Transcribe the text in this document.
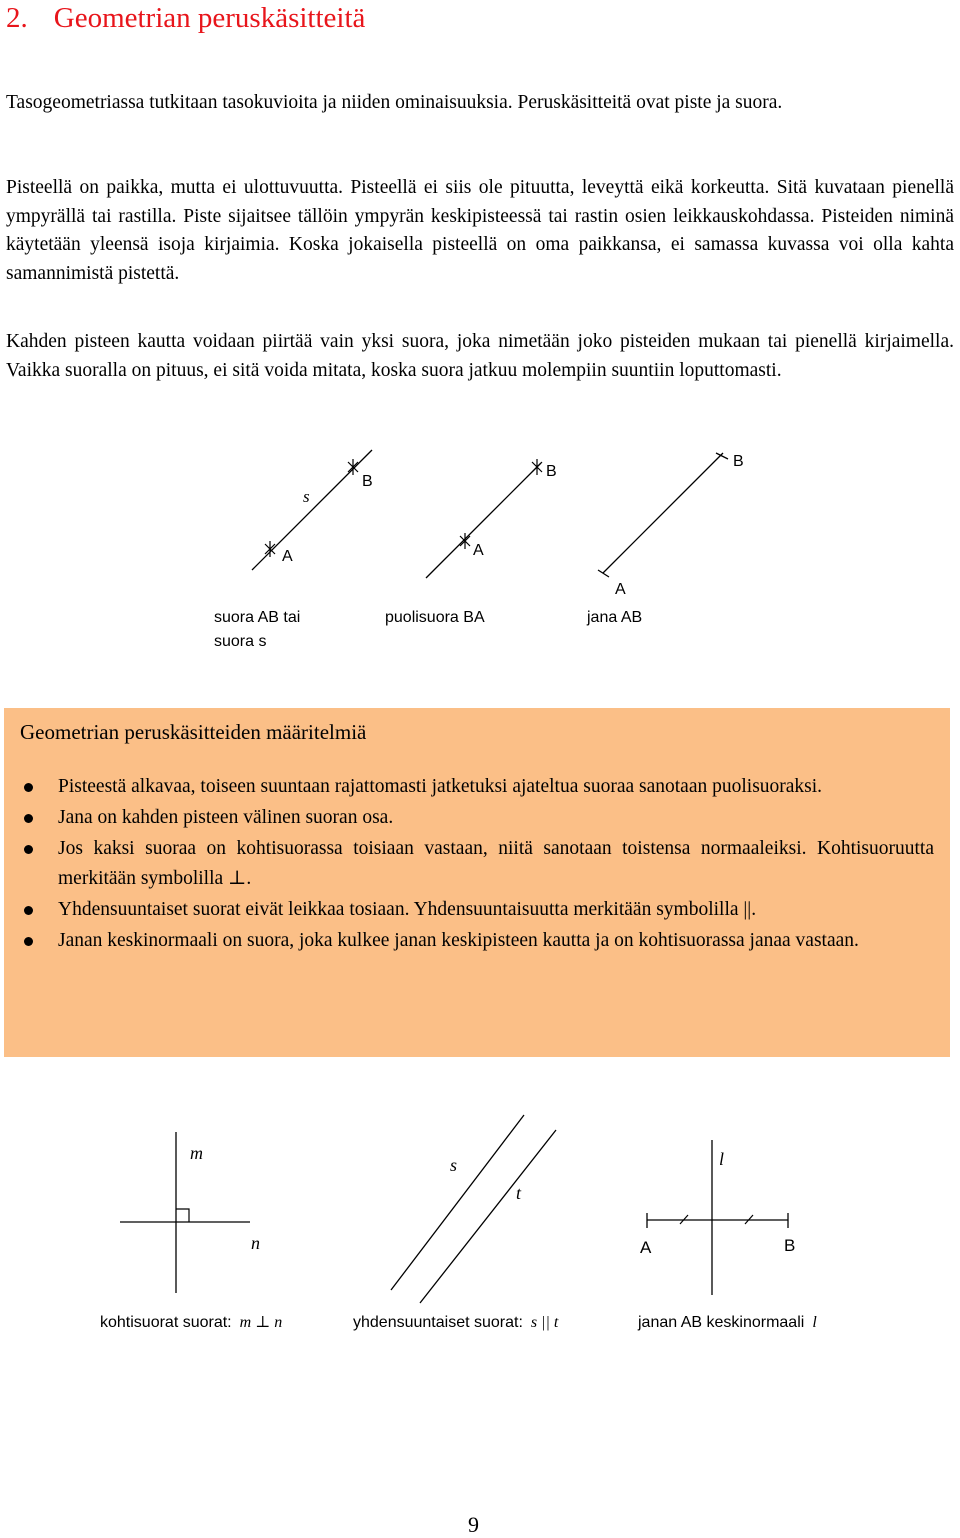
2. Geometrian peruskäsitteitä

Tasogeometriassa tutkitaan tasokuvioita ja niiden ominaisuuksia. Peruskäsitteitä ovat piste ja suora.

Pisteellä on paikka, mutta ei ulottuvuutta. Pisteellä ei siis ole pituutta, leveyttä eikä korkeutta. Sitä kuvataan pienellä ympyrällä tai rastilla. Piste sijaitsee tällöin ympyrän keskipisteessä tai rastin osien leikkauskohdassa. Pisteiden niminä käytetään yleensä isoja kirjaimia. Koska jokaisella pisteellä on oma paikkansa, ei samassa kuvassa voi olla kahta samannimistä pistettä.

Kahden pisteen kautta voidaan piirtää vain yksi suora, joka nimetään joko pisteiden mukaan tai pienellä kirjaimella. Vaikka suoralla on pituus, ei sitä voida mitata, koska suora jatkuu molempiin suuntiin loputtomasti.

s
B
A
suora AB tai
suora s
B
A
puolisuora BA
B
A
jana AB
Geometrian peruskäsitteiden määritelmiä
Pisteestä alkavaa, toiseen suuntaan rajattomasti jatketuksi ajateltua suoraa sanotaan puolisuoraksi.
Jana on kahden pisteen välinen suoran osa.
Jos kaksi suoraa on kohtisuorassa toisiaan vastaan, niitä sanotaan toistensa normaaleiksi. Kohtisuoruutta merkitään symbolilla ⊥.
Yhdensuuntaiset suorat eivät leikkaa tosiaan. Yhdensuuntaisuutta merkitään symbolilla ||.
Janan keskinormaali on suora, joka kulkee janan keskipisteen kautta ja on kohtisuorassa janaa vastaan.
m
n
kohtisuorat suorat: m ⊥ n
s
t
yhdensuuntaiset suorat: s || t
l
A	B
janan AB keskinormaali l
9
